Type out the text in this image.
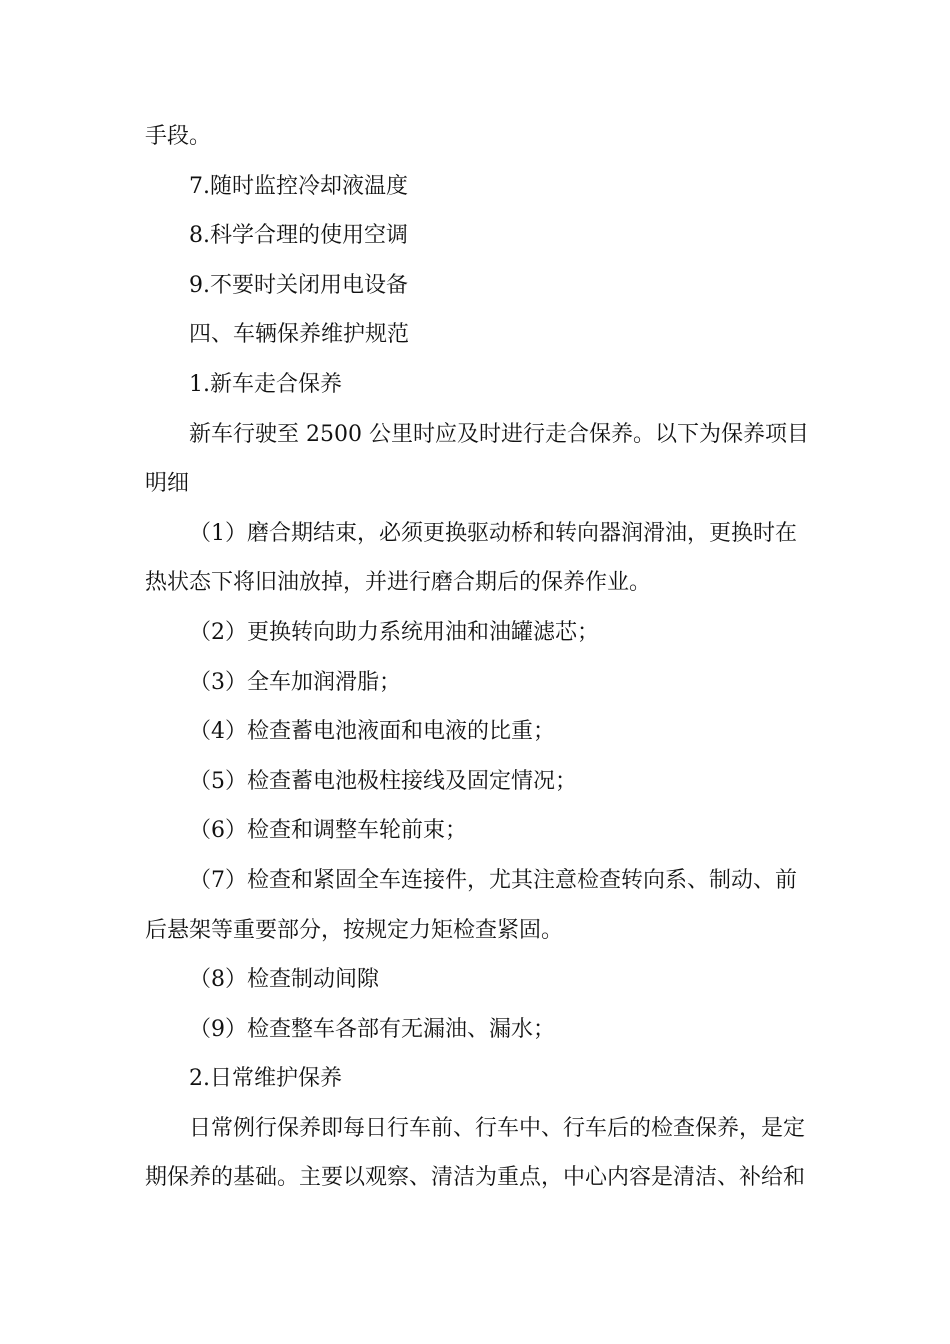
手段。
7.随时监控冷却液温度
8.科学合理的使用空调
9.不要时关闭用电设备
四、车辆保养维护规范
1.新车走合保养
新车行驶至 2500 公里时应及时进行走合保养。以下为保养项目
明细
（1）磨合期结束，必须更换驱动桥和转向器润滑油，更换时在
热状态下将旧油放掉，并进行磨合期后的保养作业。
（2）更换转向助力系统用油和油罐滤芯；
（3）全车加润滑脂；
（4）检查蓄电池液面和电液的比重；
（5）检查蓄电池极柱接线及固定情况；
（6）检查和调整车轮前束；
（7）检查和紧固全车连接件，尤其注意检查转向系、制动、前
后悬架等重要部分，按规定力矩检查紧固。
（8）检查制动间隙
（9）检查整车各部有无漏油、漏水；
2.日常维护保养
日常例行保养即每日行车前、行车中、行车后的检查保养，是定
期保养的基础。主要以观察、清洁为重点，中心内容是清洁、补给和
